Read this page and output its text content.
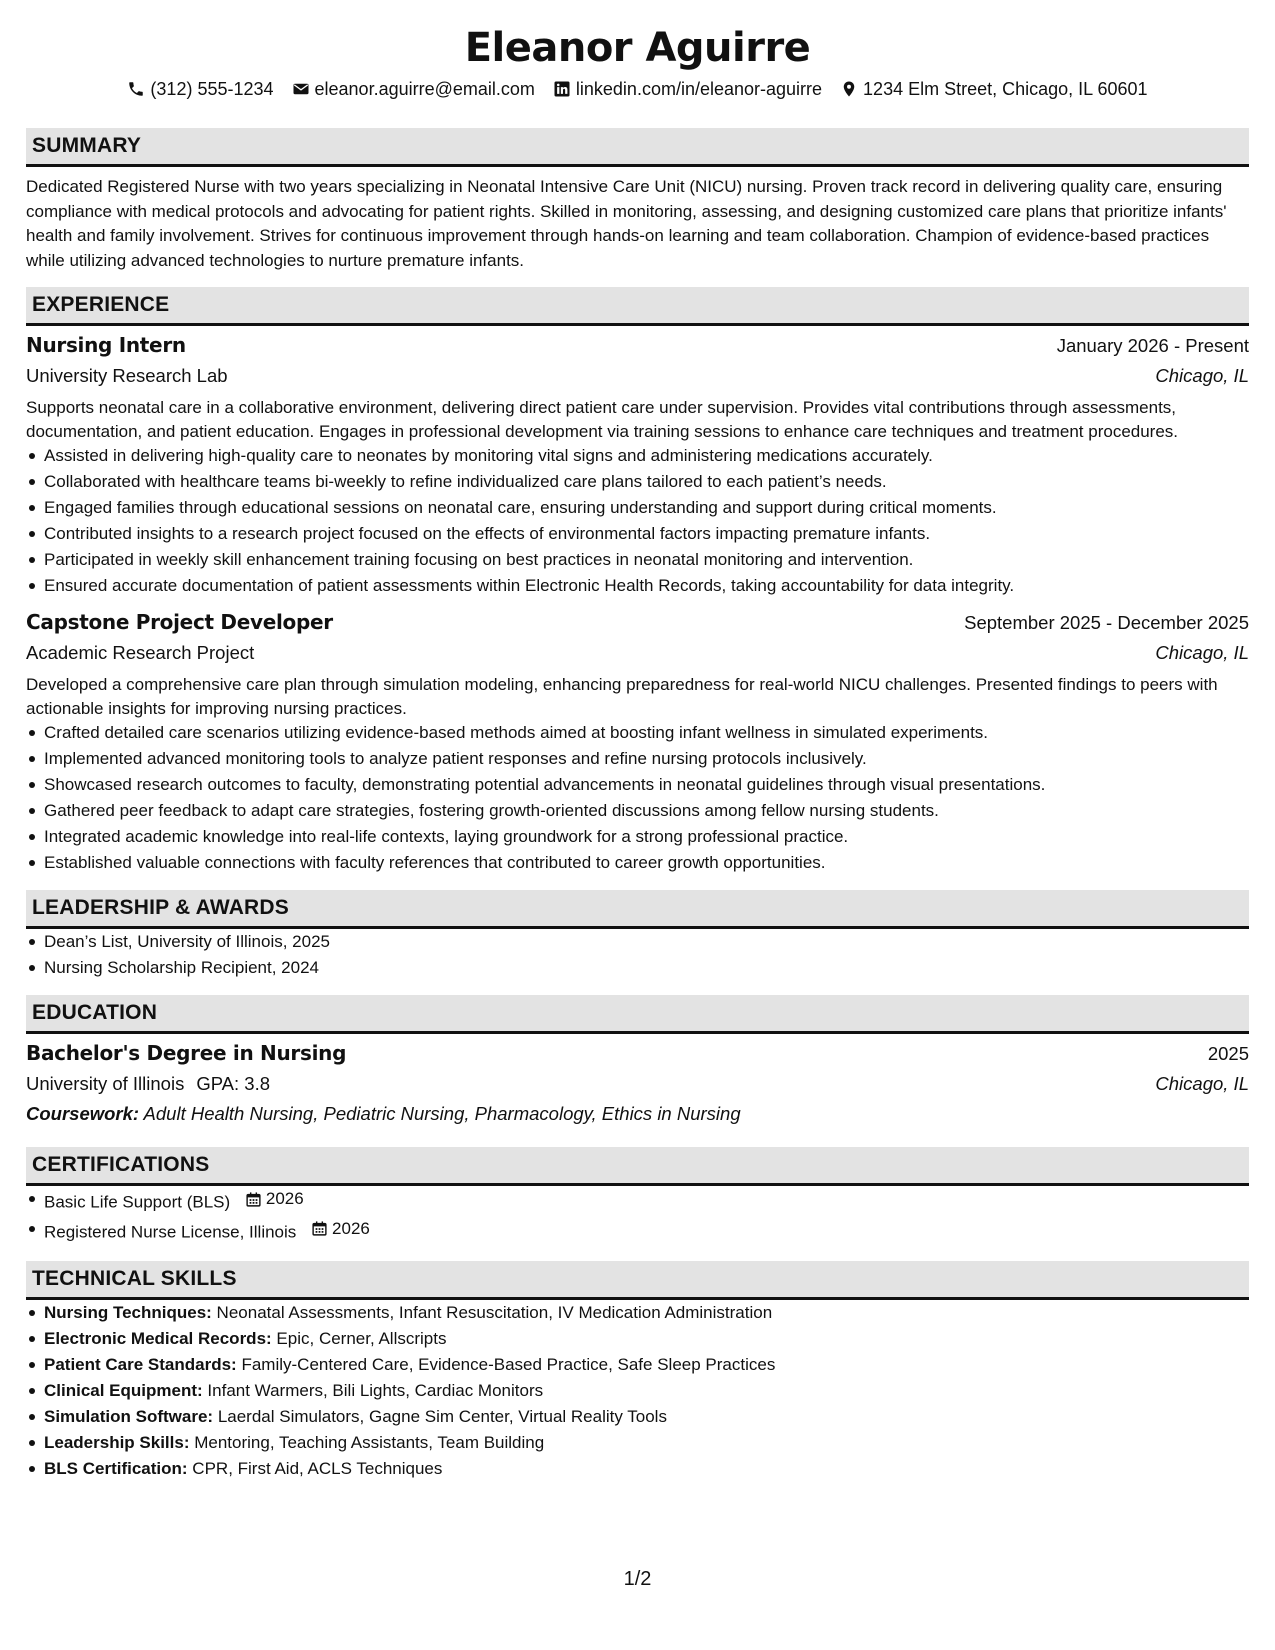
Eleanor Aguirre
(312) 555-1234 eleanor.aguirre@email.com linkedin.com/in/eleanor-aguirre 1234 Elm Street, Chicago, IL 60601
SUMMARY

Dedicated Registered Nurse with two years specializing in Neonatal Intensive Care Unit (NICU) nursing. Proven track record in delivering quality care, ensuring compliance with medical protocols and advocating for patient rights. Skilled in monitoring, assessing, and designing customized care plans that prioritize infants' health and family involvement. Strives for continuous improvement through hands-on learning and team collaboration. Champion of evidence-based practices while utilizing advanced technologies to nurture premature infants.

EXPERIENCE
Nursing Intern	January 2026 - Present
University Research Lab	Chicago, IL

Supports neonatal care in a collaborative environment, delivering direct patient care under supervision. Provides vital contributions through assessments, documentation, and patient education. Engages in professional development via training sessions to enhance care techniques and treatment procedures.

Assisted in delivering high-quality care to neonates by monitoring vital signs and administering medications accurately.
Collaborated with healthcare teams bi-weekly to refine individualized care plans tailored to each patient’s needs.
Engaged families through educational sessions on neonatal care, ensuring understanding and support during critical moments.
Contributed insights to a research project focused on the effects of environmental factors impacting premature infants.
Participated in weekly skill enhancement training focusing on best practices in neonatal monitoring and intervention.
Ensured accurate documentation of patient assessments within Electronic Health Records, taking accountability for data integrity.
Capstone Project Developer	September 2025 - December 2025
Academic Research Project	Chicago, IL

Developed a comprehensive care plan through simulation modeling, enhancing preparedness for real-world NICU challenges. Presented findings to peers with actionable insights for improving nursing practices.

Crafted detailed care scenarios utilizing evidence-based methods aimed at boosting infant wellness in simulated experiments.
Implemented advanced monitoring tools to analyze patient responses and refine nursing protocols inclusively.
Showcased research outcomes to faculty, demonstrating potential advancements in neonatal guidelines through visual presentations.
Gathered peer feedback to adapt care strategies, fostering growth-oriented discussions among fellow nursing students.
Integrated academic knowledge into real-life contexts, laying groundwork for a strong professional practice.
Established valuable connections with faculty references that contributed to career growth opportunities.
LEADERSHIP & AWARDS
Dean’s List, University of Illinois, 2025
Nursing Scholarship Recipient, 2024
EDUCATION
Bachelor's Degree in Nursing	2025
University of Illinois GPA: 3.8	Chicago, IL
Coursework: Adult Health Nursing, Pediatric Nursing, Pharmacology, Ethics in Nursing
CERTIFICATIONS
Basic Life Support (BLS) 2026
Registered Nurse License, Illinois 2026
TECHNICAL SKILLS
Nursing Techniques: Neonatal Assessments, Infant Resuscitation, IV Medication Administration
Electronic Medical Records: Epic, Cerner, Allscripts
Patient Care Standards: Family-Centered Care, Evidence-Based Practice, Safe Sleep Practices
Clinical Equipment: Infant Warmers, Bili Lights, Cardiac Monitors
Simulation Software: Laerdal Simulators, Gagne Sim Center, Virtual Reality Tools
Leadership Skills: Mentoring, Teaching Assistants, Team Building
BLS Certification: CPR, First Aid, ACLS Techniques
1/2
